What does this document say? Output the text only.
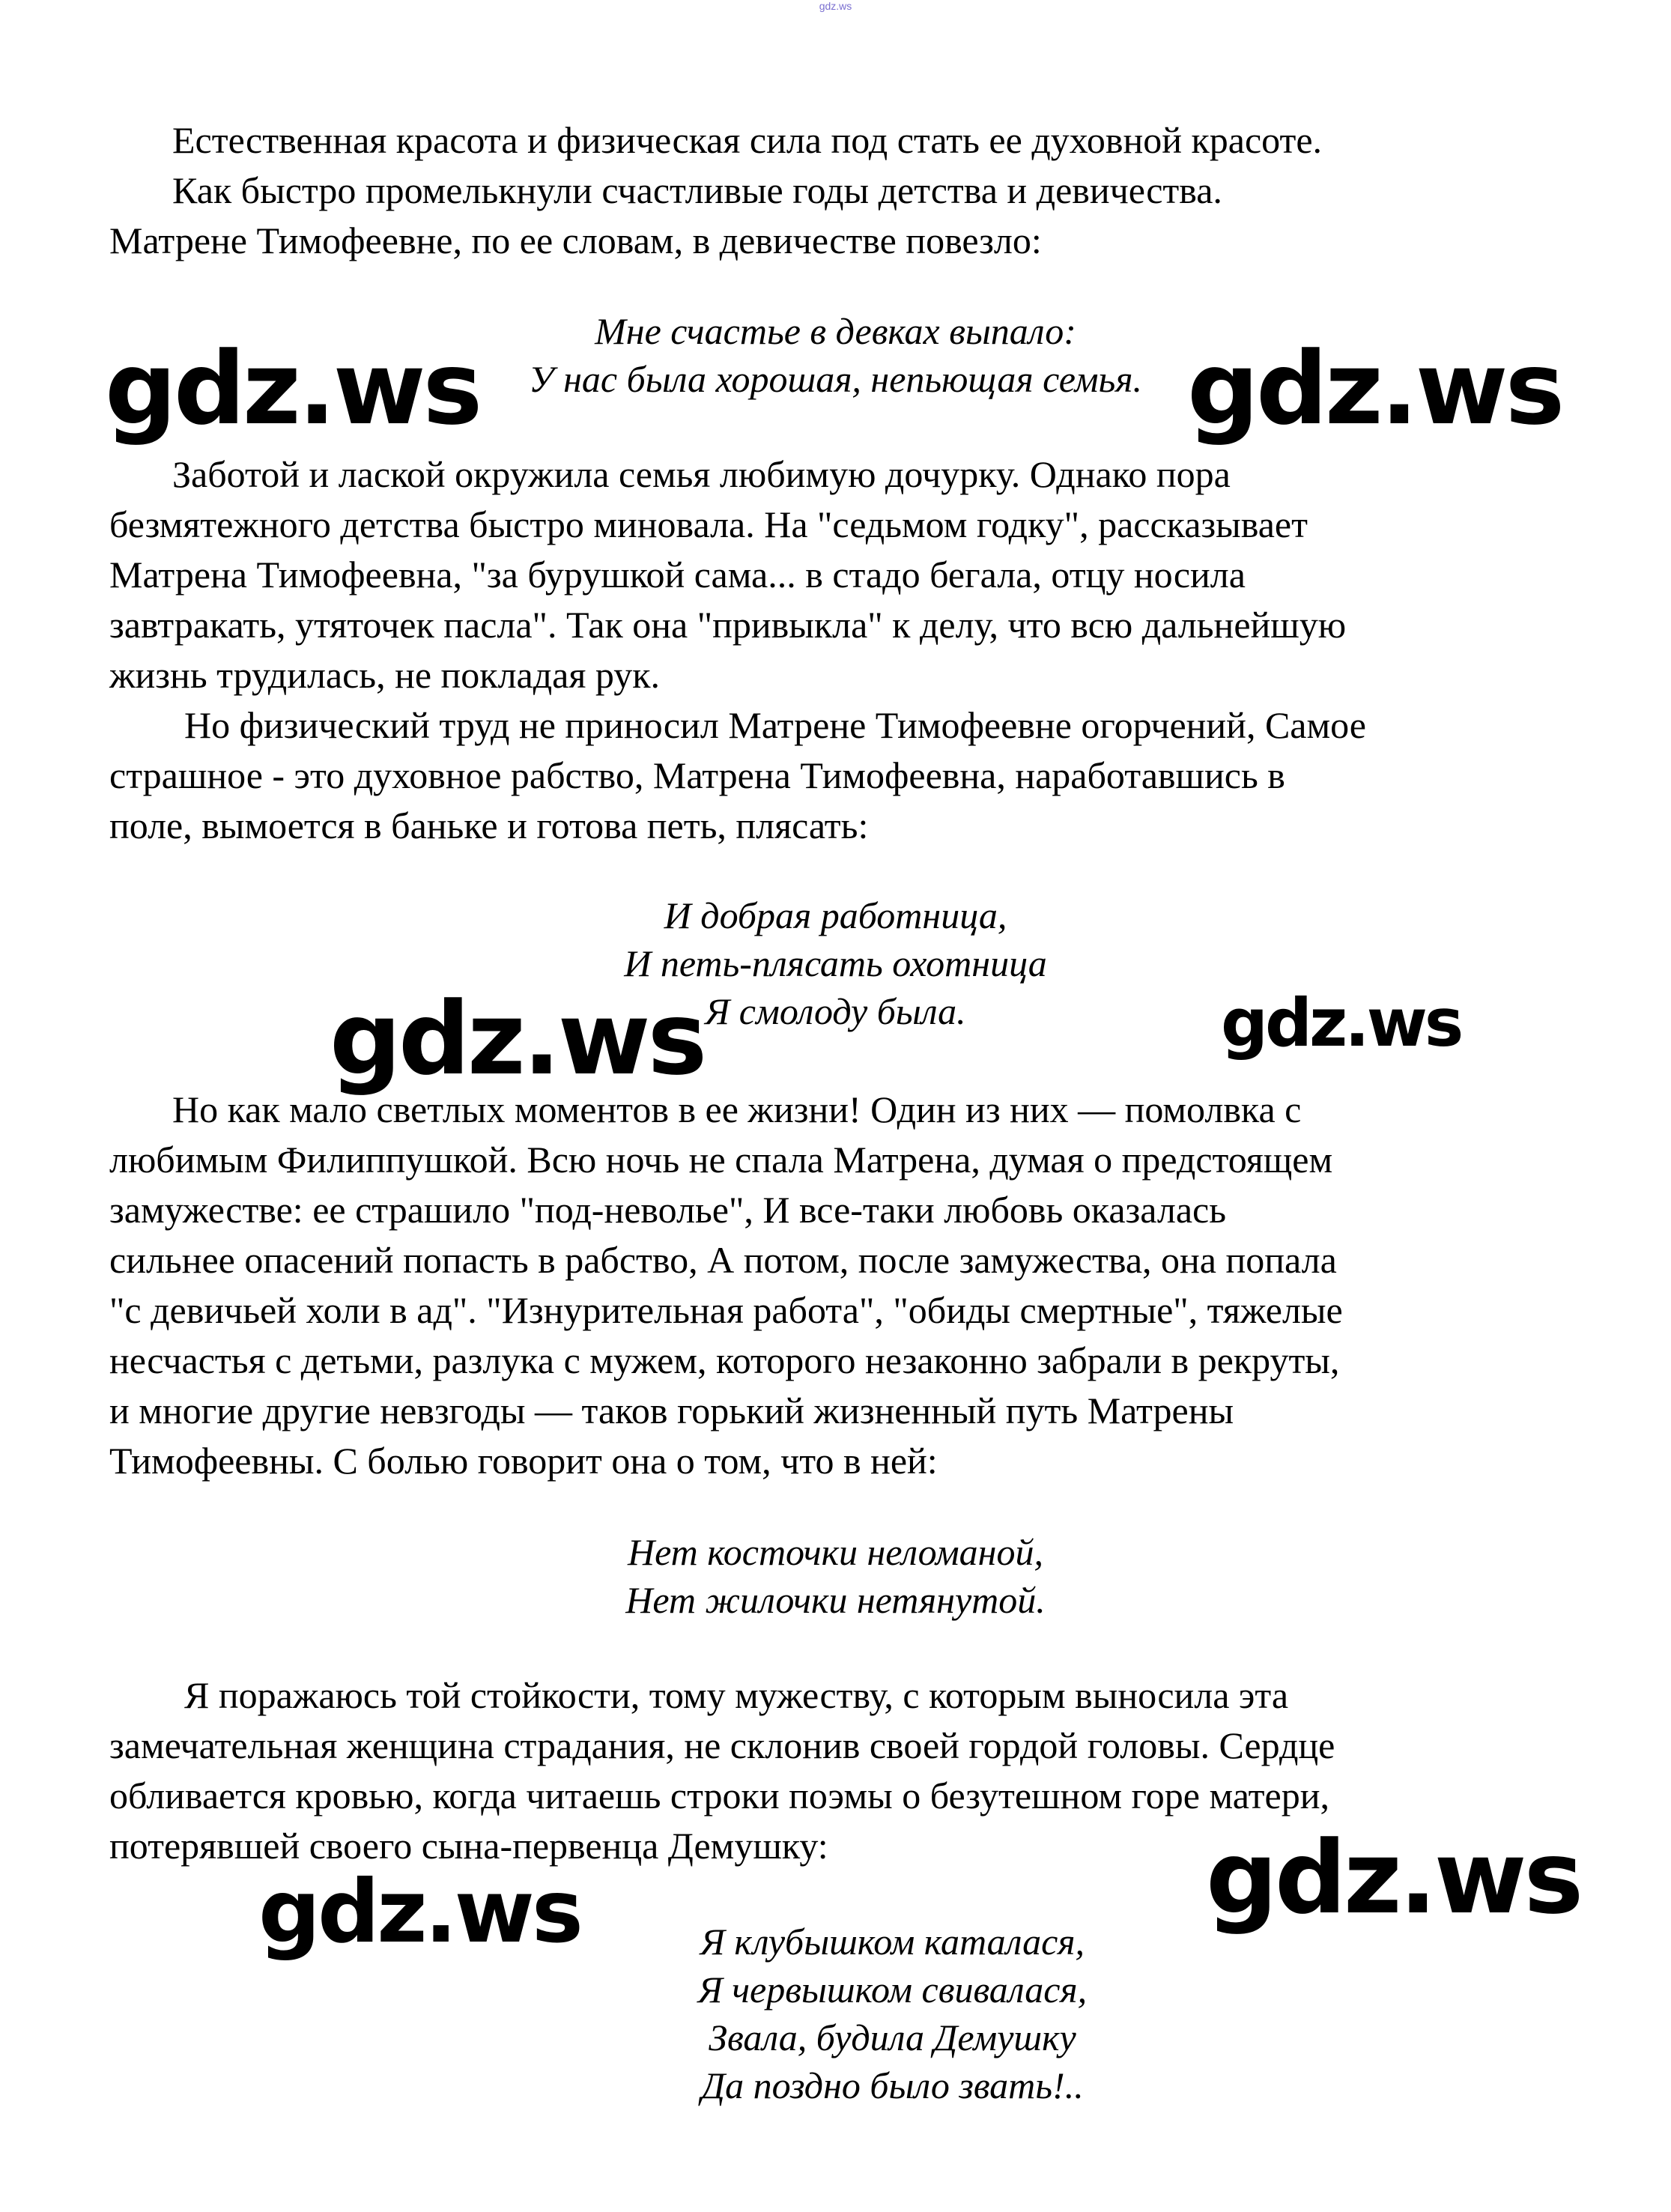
gdz.ws

Естественная красота и физическая сила под стать ее духовной красоте.

Как быстро промелькнули счастливые годы детства и девичества.

Матрене Тимофеевне, по ее словам, в девичестве повезло:

Мне счастье в девках выпало:

У нас была хорошая, непьющая семья.

Заботой и лаской окружила семья любимую дочурку. Однако пора

безмятежного детства быстро миновала. На "седьмом годку", рассказывает

Матрена Тимофеевна, "за бурушкой сама... в стадо бегала, отцу носила

завтракать, утяточек пасла". Так она "привыкла" к делу, что всю дальнейшую

жизнь трудилась, не покладая рук.

Но физический труд не приносил Матрене Тимофеевне огорчений, Самое

страшное - это духовное рабство, Матрена Тимофеевна, наработавшись в

поле, вымоется в баньке и готова петь, плясать:

И добрая работница,

И петь-плясать охотница

Я смолоду была.

Но как мало светлых моментов в ее жизни! Один из них — помолвка с

любимым Филиппушкой. Всю ночь не спала Матрена, думая о предстоящем

замужестве: ее страшило "под-неволье", И все-таки любовь оказалась

сильнее опасений попасть в рабство, А потом, после замужества, она попала

"с девичьей холи в ад". "Изнурительная работа", "обиды смертные", тяжелые

несчастья с детьми, разлука с мужем, которого незаконно забрали в рекруты,

и многие другие невзгоды — таков горький жизненный путь Матрены

Тимофеевны. С болью говорит она о том, что в ней:

Нет косточки неломаной,

Нет жилочки нетянутой.

Я поражаюсь той стойкости, тому мужеству, с которым выносила эта

замечательная женщина страдания, не склонив своей гордой головы. Сердце

обливается кровью, когда читаешь строки поэмы о безутешном горе матери,

потерявшей своего сына-первенца Демушку:

Я клубышком каталася,

Я червышком свивалася,

Звала, будила Демушку

Да поздно было звать!..

gdz.ws	gdz.ws
gdz.ws	gdz.ws
gdz.ws
gdz.ws
